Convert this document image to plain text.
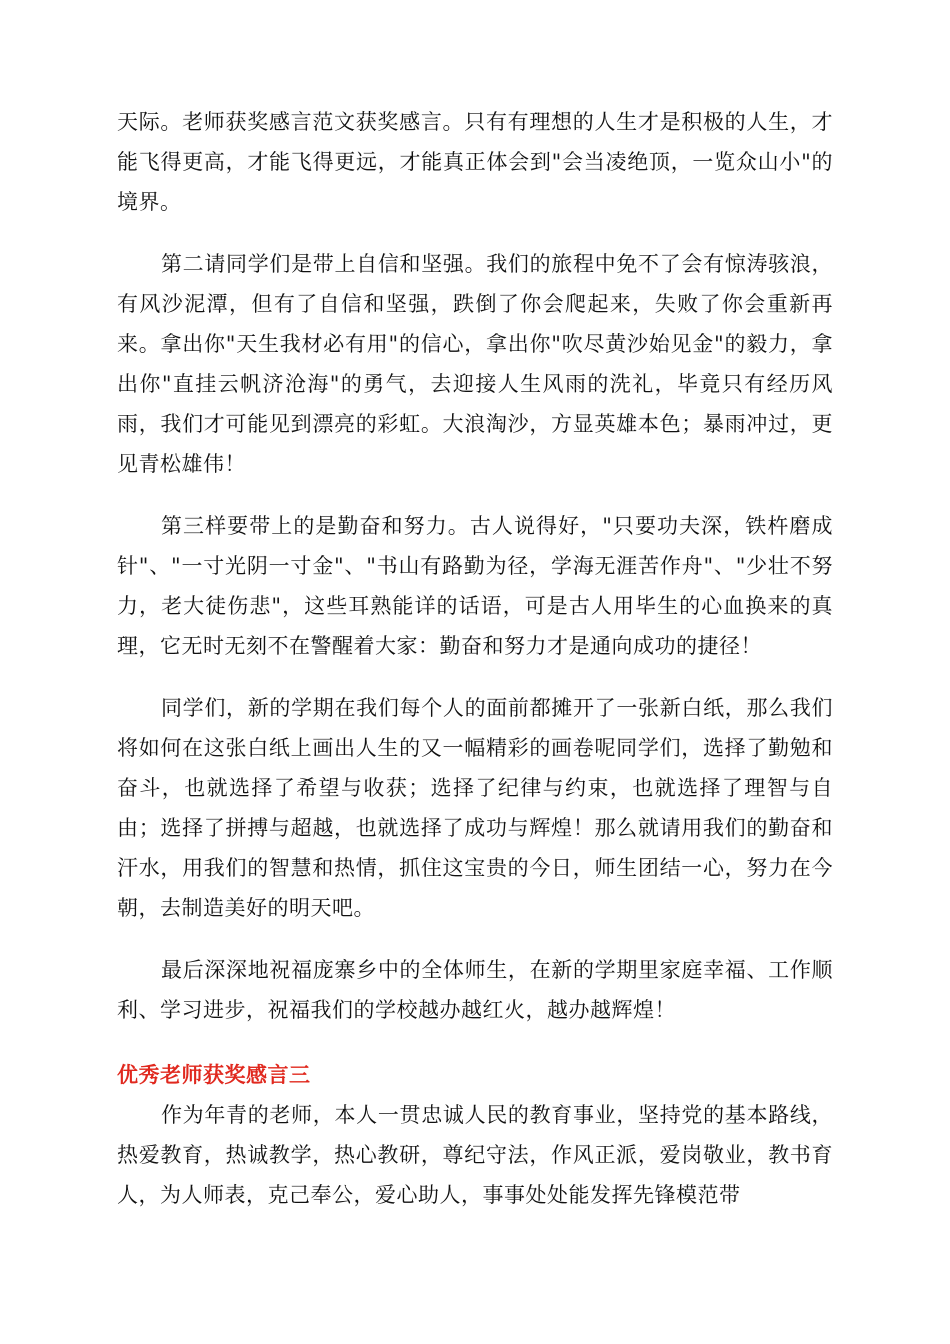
天际。老师获奖感言范文获奖感言。只有有理想的人生才是积极的人生，才能飞得更高，才能飞得更远，才能真正体会到"会当凌绝顶，一览众山小"的境界。

第二请同学们是带上自信和坚强。我们的旅程中免不了会有惊涛骇浪，有风沙泥潭，但有了自信和坚强，跌倒了你会爬起来，失败了你会重新再来。拿出你"天生我材必有用"的信心，拿出你"吹尽黄沙始见金"的毅力，拿出你"直挂云帆济沧海"的勇气，去迎接人生风雨的洗礼，毕竟只有经历风雨，我们才可能见到漂亮的彩虹。大浪淘沙，方显英雄本色；暴雨冲过，更见青松雄伟！

第三样要带上的是勤奋和努力。古人说得好，"只要功夫深，铁杵磨成针"、"一寸光阴一寸金"、"书山有路勤为径，学海无涯苦作舟"、"少壮不努力，老大徒伤悲"，这些耳熟能详的话语，可是古人用毕生的心血换来的真理，它无时无刻不在警醒着大家：勤奋和努力才是通向成功的捷径！

同学们，新的学期在我们每个人的面前都摊开了一张新白纸，那么我们将如何在这张白纸上画出人生的又一幅精彩的画卷呢同学们，选择了勤勉和奋斗，也就选择了希望与收获；选择了纪律与约束，也就选择了理智与自由；选择了拼搏与超越，也就选择了成功与辉煌！那么就请用我们的勤奋和汗水，用我们的智慧和热情，抓住这宝贵的今日，师生团结一心，努力在今朝，去制造美好的明天吧。

最后深深地祝福庞寨乡中的全体师生，在新的学期里家庭幸福、工作顺利、学习进步，祝福我们的学校越办越红火，越办越辉煌！

优秀老师获奖感言三

作为年青的老师，本人一贯忠诚人民的教育事业，坚持党的基本路线，热爱教育，热诚教学，热心教研，尊纪守法，作风正派，爱岗敬业，教书育人，为人师表，克己奉公，爱心助人，事事处处能发挥先锋模范带
